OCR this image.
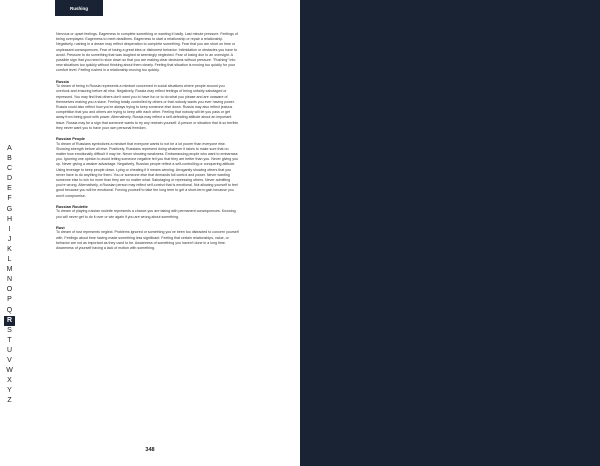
Rushing
A
B
C
D
E
F
G
H
I
J
K
L
M
N
O
P
Q
R
S
T
U
V
W
X
Y
Z
Nervous or upset feelings. Eagerness to complete something or wanting it badly. Last minute pressure. Feelings of being overplayed. Eagerness to meet deadlines. Eagerness to start a relationship or repair a relationship. Negatively, rushing in a dream may reflect desperation to complete something. Fear that you are short on time or unpleasant consequences. Fear of losing a great idea or dishonest behavior. Intimidation or obstacles you have to avoid. Pressure to do something that was laughed at seemingly neglected. Fear of losing due to an oversight. A possible sign that you need to slow down so that you are making clear decisions without pressure. "Rushing" into new situations too quickly without thinking about them clearly. Feeling that situation is moving too quickly for your comfort level. Feeling rushed in a relationship moving too quickly.
Russia
To dream of being in Russia represents a mindset concerned in social situations where people around you overlook and ensuring before all else. Negatively, Russia may reflect feelings of being unfairly sabotaged or repressed. You may find that others don't want you to have fun or to do what you please and are unaware of themselves making you a slave. Feeling totally controlled by others or that nobody wants you ever having power. Russia could also reflect how you're always trying to keep someone else down. Russia may also reflect jealous competition that you and others are trying to keep with each other. Feeling that nobody will let you pass or get away from being good with power. Alternatively, Russia may reflect a self-defeating attitude about an important issue. Russia may be a sign that someone wants to try any restrain yourself. A person or situation that is so terrible they never want you to have your own personal freedom.
Russian People
To dream of Russians symbolizes a mindset that everyone wants to not be a lot poorer than everyone else. Showing strength before all else. Positively, Russians represent doing whatever it takes to make sure that no matter how emotionally difficult it may be. Never showing weakness. Embarrassing people who want to embarrass you. Ignoring one opinion to avoid letting someone negative tell you that they are better than you. Never giving you up. Never giving a weaker advantage. Negatively, Russian people reflect a self-controlling or conquering attitude. Using leverage to keep people down. Lying or cheating if it means winning. Arrogantly showing others that you never have to do anything for them. You or someone else that demands full control and power. Never wanting someone else to win for more than they are no matter what. Sabotaging or repressing others. Never admitting you're wrong. Alternatively, a Russian person may reflect self-control that is emotional. Not allowing yourself to feel good because you will be emotional. Forcing yourself to take the long term to get a short-term gain because you won't compromise.
Russian Roulette
To dream of playing russian roulette represents a chance you are taking with permanent consequences. Knowing you will never get to do it over or win again if you are wrong about something.
Rust
To dream of rust represents neglect. Problems ignored or something you've been too distracted to concern yourself with. Feelings about time having made something less significant. Feeling that certain relationships, value, or behavior are not as important as they used to be. Awareness of something you haven't done in a long time. Awareness of yourself having a lack of motion with something.
348
